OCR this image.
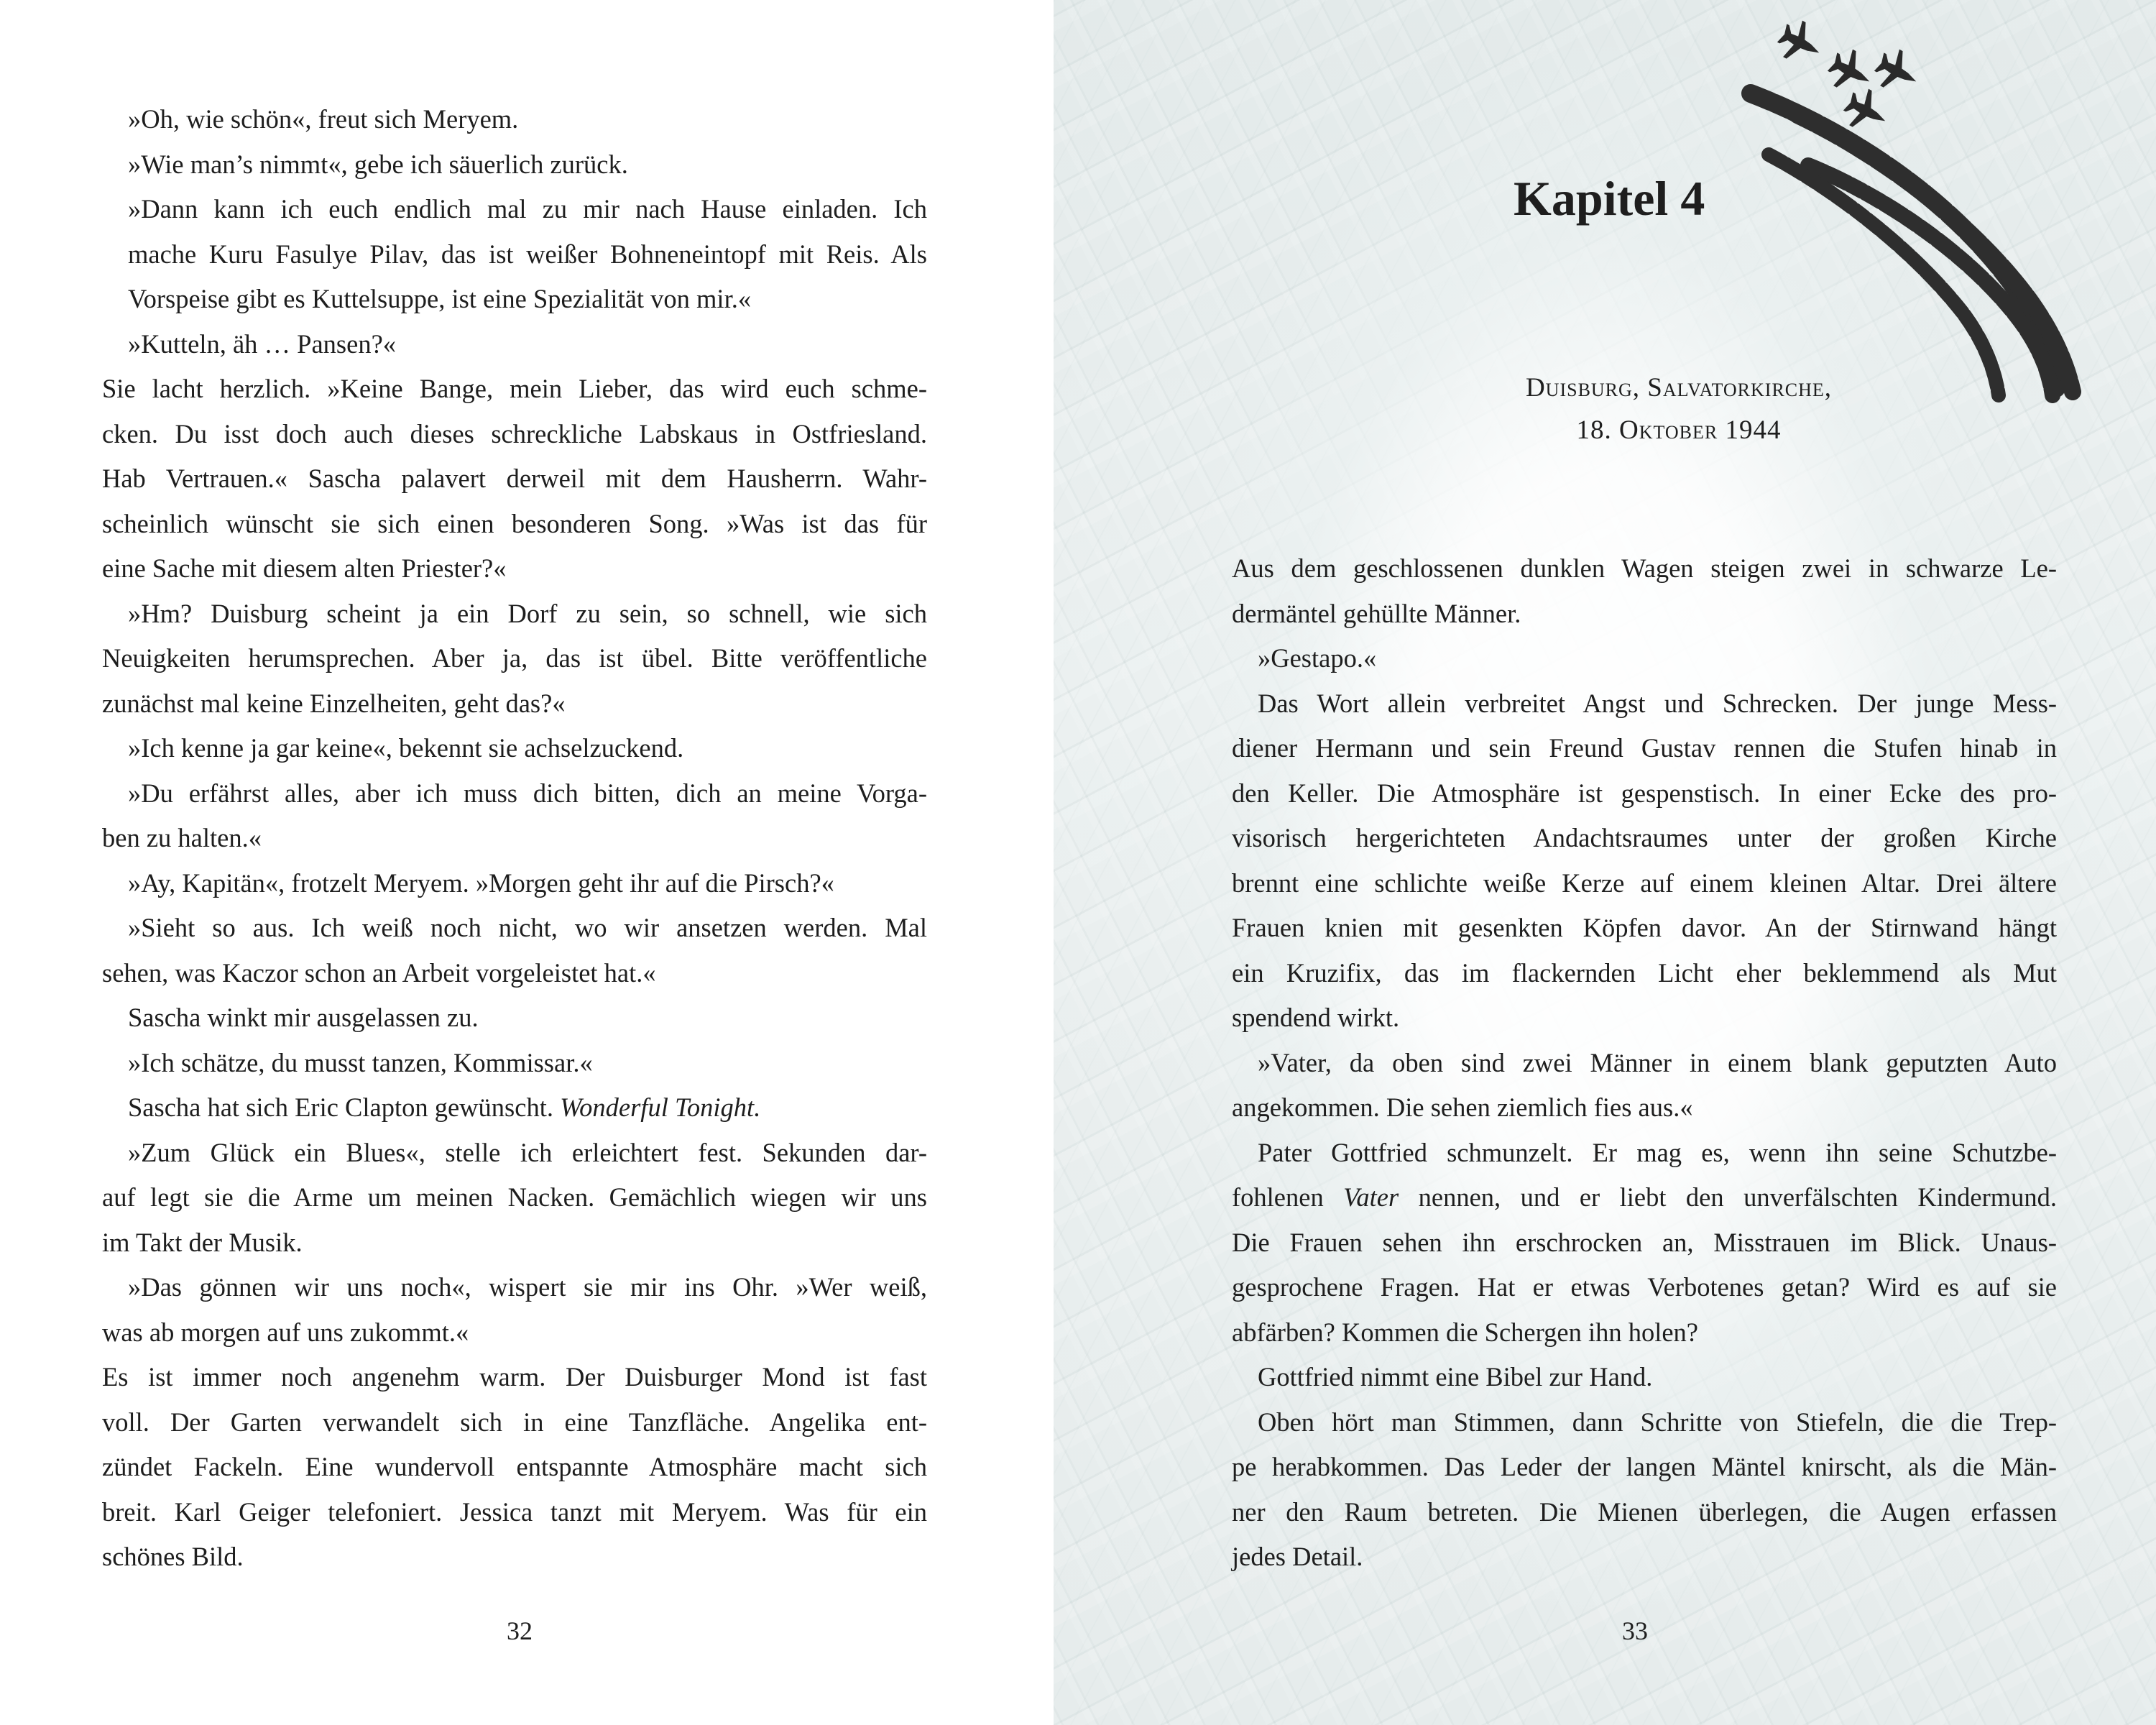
»Oh, wie schön«, freut sich Meryem.

»Wie man’s nimmt«, gebe ich säuerlich zurück.

»Dann kann ich euch endlich mal zu mir nach Hause einladen. Ich
mache Kuru Fasulye Pilav, das ist weißer Bohneneintopf mit Reis. Als
Vorspeise gibt es Kuttelsuppe, ist eine Spezialität von mir.«

»Kutteln, äh … Pansen?«

Sie lacht herzlich. »Keine Bange, mein Lieber, das wird euch schme-
cken. Du isst doch auch dieses schreckliche Labskaus in Ostfriesland.
Hab Vertrauen.« Sascha palavert derweil mit dem Hausherrn. Wahr-
scheinlich wünscht sie sich einen besonderen Song. »Was ist das für
eine Sache mit diesem alten Priester?«

»Hm? Duisburg scheint ja ein Dorf zu sein, so schnell, wie sich
Neuigkeiten herumsprechen. Aber ja, das ist übel. Bitte veröffentliche
zunächst mal keine Einzelheiten, geht das?«

»Ich kenne ja gar keine«, bekennt sie achselzuckend.

»Du erfährst alles, aber ich muss dich bitten, dich an meine Vorga-
ben zu halten.«

»Ay, Kapitän«, frotzelt Meryem. »Morgen geht ihr auf die Pirsch?«

»Sieht so aus. Ich weiß noch nicht, wo wir ansetzen werden. Mal
sehen, was Kaczor schon an Arbeit vorgeleistet hat.«

Sascha winkt mir ausgelassen zu.

»Ich schätze, du musst tanzen, Kommissar.«

Sascha hat sich Eric Clapton gewünscht. Wonderful Tonight.

»Zum Glück ein Blues«, stelle ich erleichtert fest. Sekunden dar-
auf legt sie die Arme um meinen Nacken. Gemächlich wiegen wir uns
im Takt der Musik.

»Das gönnen wir uns noch«, wispert sie mir ins Ohr. »Wer weiß,
was ab morgen auf uns zukommt.«

Es ist immer noch angenehm warm. Der Duisburger Mond ist fast
voll. Der Garten verwandelt sich in eine Tanzfläche. Angelika ent-
zündet Fackeln. Eine wundervoll entspannte Atmosphäre macht sich
breit. Karl Geiger telefoniert. Jessica tanzt mit Meryem. Was für ein
schönes Bild.

32
Kapitel 4
Duisburg, Salvatorkirche,
18. Oktober 1944

Aus dem geschlossenen dunklen Wagen steigen zwei in schwarze Le-
dermäntel gehüllte Männer.

»Gestapo.«

Das Wort allein verbreitet Angst und Schrecken. Der junge Mess-
diener Hermann und sein Freund Gustav rennen die Stufen hinab in
den Keller. Die Atmosphäre ist gespenstisch. In einer Ecke des pro-
visorisch hergerichteten Andachtsraumes unter der großen Kirche
brennt eine schlichte weiße Kerze auf einem kleinen Altar. Drei ältere
Frauen knien mit gesenkten Köpfen davor. An der Stirnwand hängt
ein Kruzifix, das im flackernden Licht eher beklemmend als Mut
spendend wirkt.

»Vater, da oben sind zwei Männer in einem blank geputzten Auto
angekommen. Die sehen ziemlich fies aus.«

Pater Gottfried schmunzelt. Er mag es, wenn ihn seine Schutzbe-
fohlenen Vater nennen, und er liebt den unverfälschten Kindermund.
Die Frauen sehen ihn erschrocken an, Misstrauen im Blick. Unaus-
gesprochene Fragen. Hat er etwas Verbotenes getan? Wird es auf sie
abfärben? Kommen die Schergen ihn holen?

Gottfried nimmt eine Bibel zur Hand.

Oben hört man Stimmen, dann Schritte von Stiefeln, die die Trep-
pe herabkommen. Das Leder der langen Mäntel knirscht, als die Män-
ner den Raum betreten. Die Mienen überlegen, die Augen erfassen
jedes Detail.

33
